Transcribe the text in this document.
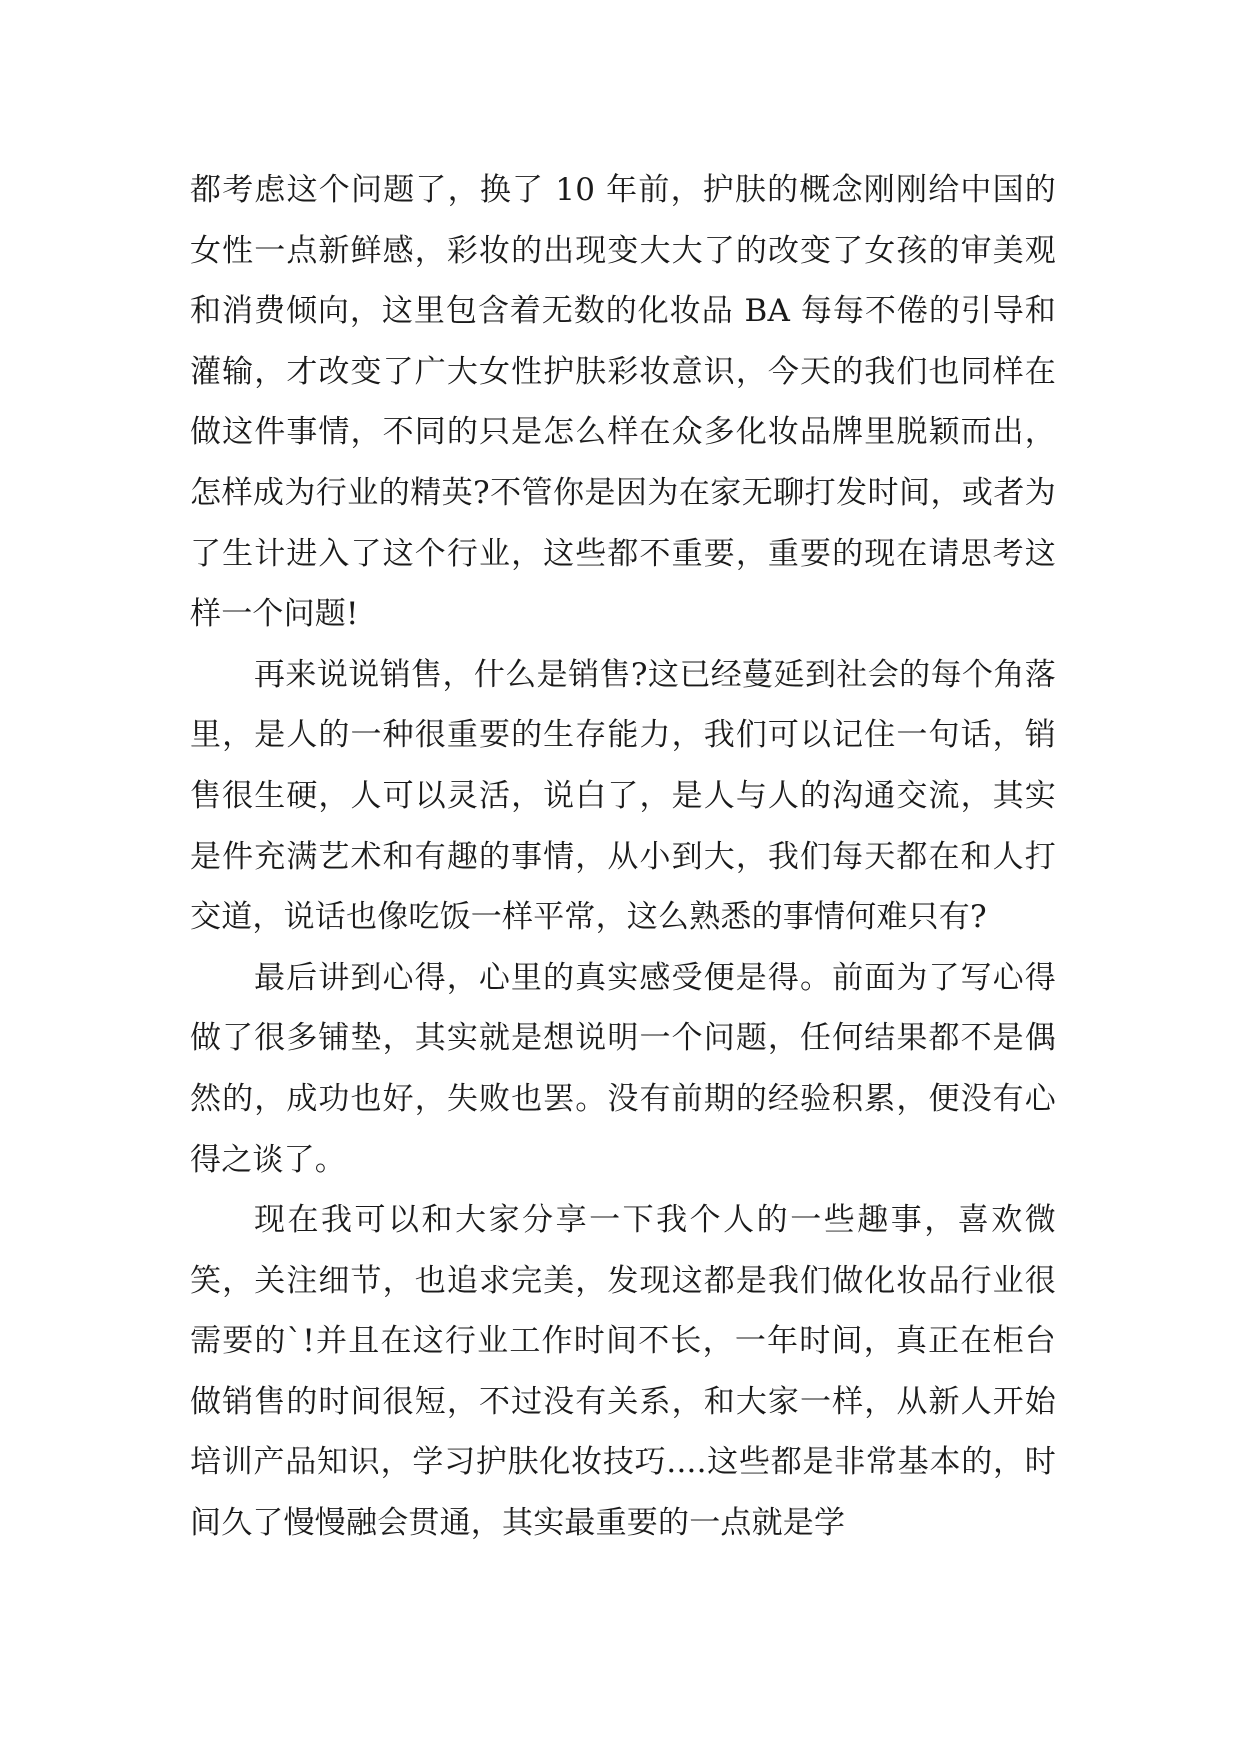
都考虑这个问题了，换了 10 年前，护肤的概念刚刚给中国的女性一点新鲜感，彩妆的出现变大大了的改变了女孩的审美观和消费倾向，这里包含着无数的化妆品 BA 每每不倦的引导和灌输，才改变了广大女性护肤彩妆意识，今天的我们也同样在做这件事情，不同的只是怎么样在众多化妆品牌里脱颖而出，怎样成为行业的精英?不管你是因为在家无聊打发时间，或者为了生计进入了这个行业，这些都不重要，重要的现在请思考这样一个问题!

再来说说销售，什么是销售?这已经蔓延到社会的每个角落里，是人的一种很重要的生存能力，我们可以记住一句话，销售很生硬，人可以灵活，说白了，是人与人的沟通交流，其实是件充满艺术和有趣的事情，从小到大，我们每天都在和人打交道，说话也像吃饭一样平常，这么熟悉的事情何难只有?

最后讲到心得，心里的真实感受便是得。前面为了写心得做了很多铺垫，其实就是想说明一个问题，任何结果都不是偶然的，成功也好，失败也罢。没有前期的经验积累，便没有心得之谈了。

现在我可以和大家分享一下我个人的一些趣事，喜欢微笑，关注细节，也追求完美，发现这都是我们做化妆品行业很需要的`!并且在这行业工作时间不长，一年时间，真正在柜台做销售的时间很短，不过没有关系，和大家一样，从新人开始培训产品知识，学习护肤化妆技巧....这些都是非常基本的，时间久了慢慢融会贯通，其实最重要的一点就是学
